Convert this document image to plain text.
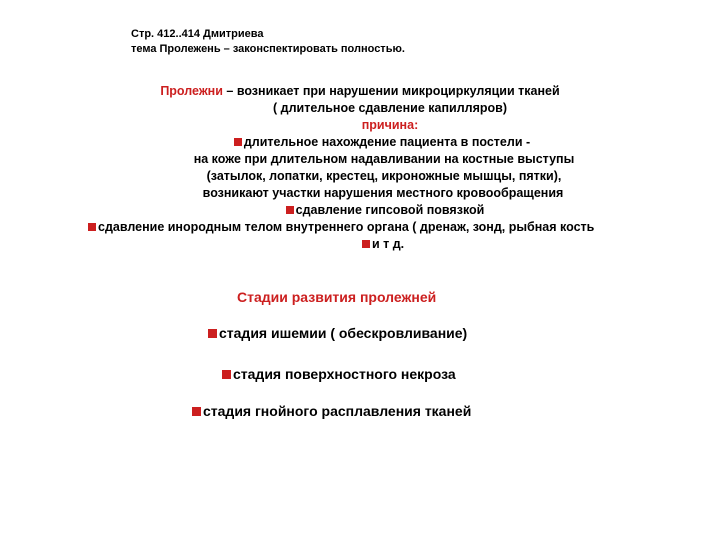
Стр. 412..414 Дмитриева
тема Пролежень – законспектировать полностью.
Пролежни – возникает при нарушении микроциркуляции тканей
( длительное сдавление капилляров)
причина:
длительное нахождение пациента в постели -
на коже при длительном надавливании на костные выступы
(затылок, лопатки, крестец, икроножные мышцы, пятки),
возникают участки нарушения местного кровообращения
сдавление гипсовой повязкой
сдавление инородным телом внутреннего органа ( дренаж, зонд, рыбная кость
и т д.
Стадии развития пролежней
стадия ишемии ( обескровливание)
стадия поверхностного некроза
стадия гнойного расплавления тканей
